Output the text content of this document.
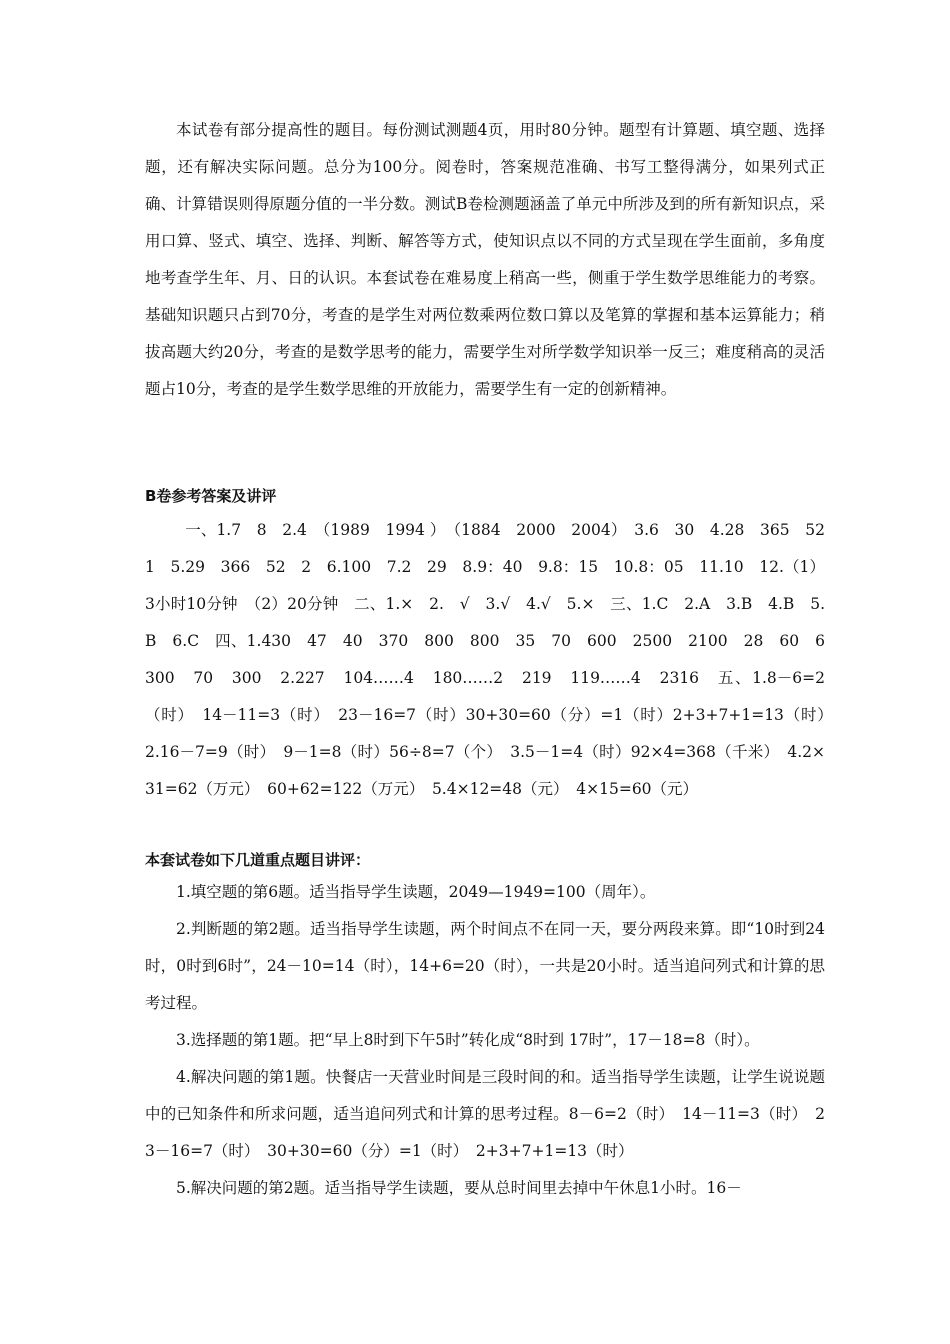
本试卷有部分提高性的题目。每份测试测题4页，用时80分钟。题型有计算题、填空题、选择题，还有解决实际问题。总分为100分。阅卷时，答案规范准确、书写工整得满分，如果列式正确、计算错误则得原题分值的一半分数。测试B卷检测题涵盖了单元中所涉及到的所有新知识点，采用口算、竖式、填空、选择、判断、解答等方式，使知识点以不同的方式呈现在学生面前，多角度地考查学生年、月、日的认识。本套试卷在难易度上稍高一些，侧重于学生数学思维能力的考察。基础知识题只占到70分，考查的是学生对两位数乘两位数口算以及笔算的掌握和基本运算能力；稍拔高题大约20分，考查的是数学思考的能力，需要学生对所学数学知识举一反三；难度稍高的灵活题占10分，考查的是学生数学思维的开放能力，需要学生有一定的创新精神。

B卷参考答案及讲评

一、1.7　8　2.4　（1989　1994 ）　（1884　2000　2004）　3.6　30　4.28　365　52　1　5.29　366　52　2　6.100　7.2　29　8.9：40　9.8：15　10.8：05　11.10　12.（1）3小时10分钟　（2）20分钟　二、1.×　2.　√　3.√　4.√　5.×　三、1.C　2.A　3.B　4.B　5.B　6.C　四、1.430　47　40　370　800　800　35　70　600　2500　2100　28　60　6300　70　300　2.227　104……4　180……2　219　119……4　2316　五、1.8－6=2（时）　14－11=3（时）　23－16=7（时）30+30=60（分）=1（时）2+3+7+1=13（时）　2.16－7=9（时）　9－1=8（时）56÷8=7（个）　3.5－1=4（时）92×4=368（千米）　4.2×31=62（万元）　60+62=122（万元）　5.4×12=48（元）　4×15=60（元）

本套试卷如下几道重点题目讲评：

1.填空题的第6题。适当指导学生读题，2049—1949=100（周年）。

2.判断题的第2题。适当指导学生读题，两个时间点不在同一天，要分两段来算。即“10时到24时，0时到6时”，24－10=14（时），14+6=20（时），一共是20小时。适当追问列式和计算的思考过程。

3.选择题的第1题。把“早上8时到下午5时”转化成“8时到 17时”，17－18=8（时）。

4.解决问题的第1题。快餐店一天营业时间是三段时间的和。适当指导学生读题，让学生说说题中的已知条件和所求问题，适当追问列式和计算的思考过程。8－6=2（时）　14－11=3（时）　23－16=7（时）　30+30=60（分）=1（时）　2+3+7+1=13（时）

5.解决问题的第2题。适当指导学生读题，要从总时间里去掉中午休息1小时。16－
